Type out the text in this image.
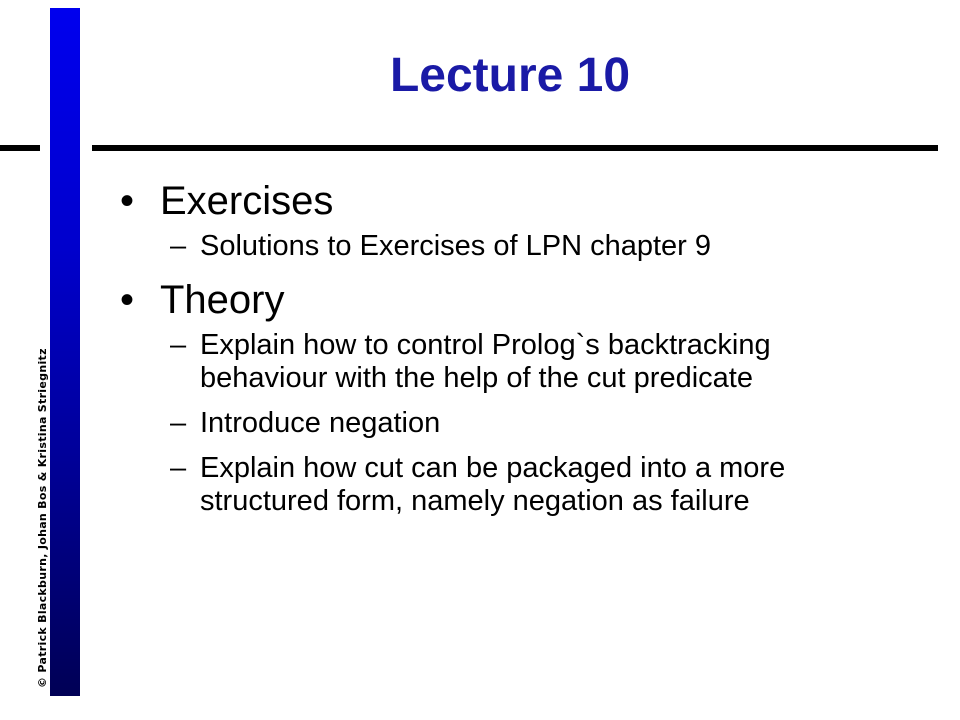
© Patrick Blackburn, Johan Bos & Kristina Striegnitz
Lecture 10
• Exercises
– Solutions to Exercises of LPN chapter 9
• Theory
– Explain how to control Prolog`s backtracking behaviour with the help of the cut predicate
– Introduce negation
– Explain how cut can be packaged into a more structured form, namely negation as failure
